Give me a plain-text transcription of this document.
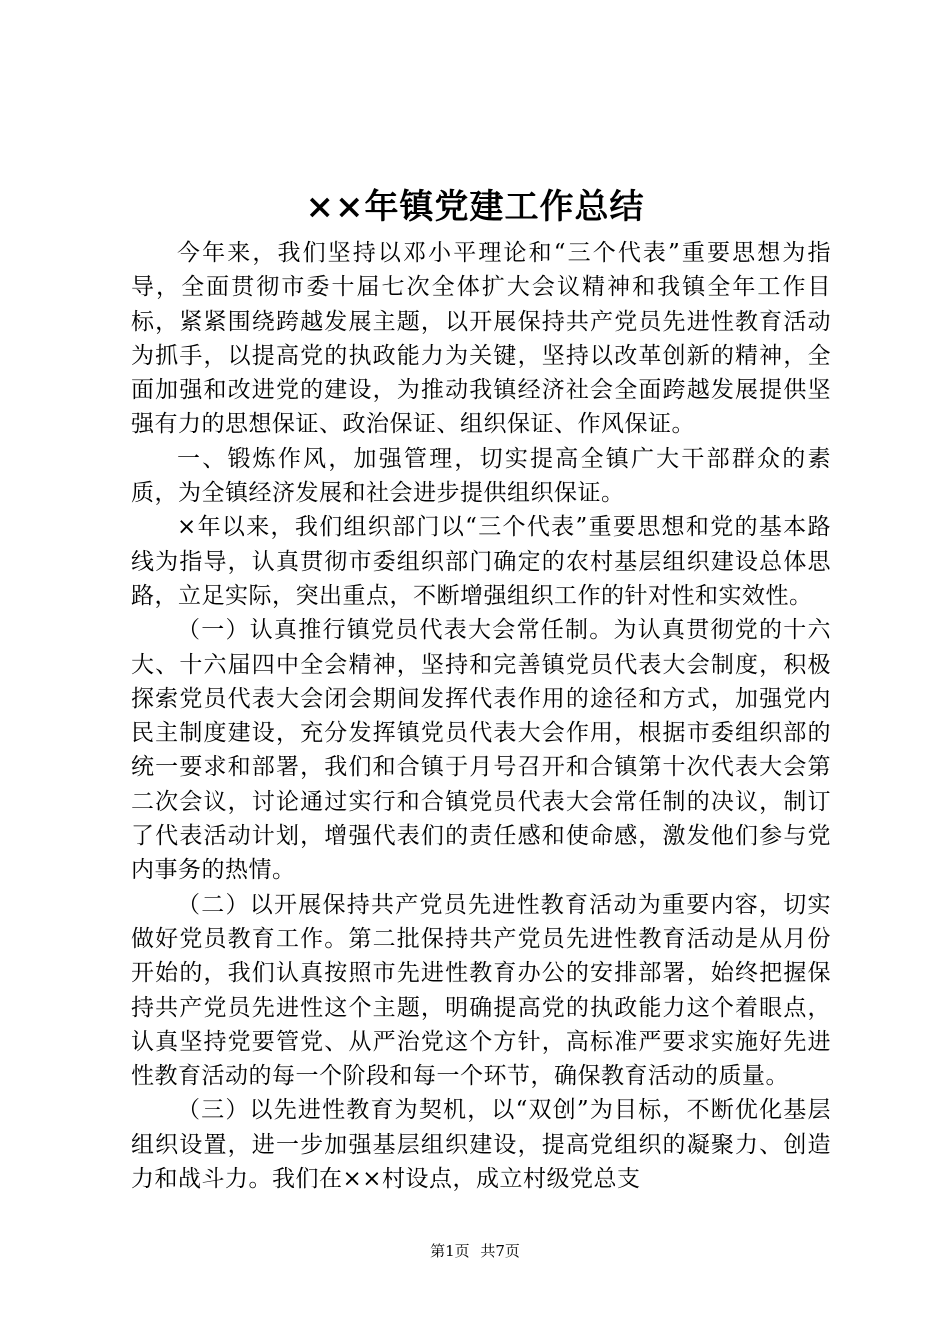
××年镇党建工作总结

今年来，我们坚持以邓小平理论和“三个代表”重要思想为指导，全面贯彻市委十届七次全体扩大会议精神和我镇全年工作目标，紧紧围绕跨越发展主题，以开展保持共产党员先进性教育活动为抓手，以提高党的执政能力为关键，坚持以改革创新的精神，全面加强和改进党的建设，为推动我镇经济社会全面跨越发展提供坚强有力的思想保证、政治保证、组织保证、作风保证。

一、锻炼作风，加强管理，切实提高全镇广大干部群众的素质，为全镇经济发展和社会进步提供组织保证。

×年以来，我们组织部门以“三个代表”重要思想和党的基本路线为指导，认真贯彻市委组织部门确定的农村基层组织建设总体思路，立足实际，突出重点，不断增强组织工作的针对性和实效性。

（一）认真推行镇党员代表大会常任制。为认真贯彻党的十六大、十六届四中全会精神，坚持和完善镇党员代表大会制度，积极探索党员代表大会闭会期间发挥代表作用的途径和方式，加强党内民主制度建设，充分发挥镇党员代表大会作用，根据市委组织部的统一要求和部署，我们和合镇于月号召开和合镇第十次代表大会第二次会议，讨论通过实行和合镇党员代表大会常任制的决议，制订了代表活动计划，增强代表们的责任感和使命感，激发他们参与党内事务的热情。

（二）以开展保持共产党员先进性教育活动为重要内容，切实做好党员教育工作。第二批保持共产党员先进性教育活动是从月份开始的，我们认真按照市先进性教育办公的安排部署，始终把握保持共产党员先进性这个主题，明确提高党的执政能力这个着眼点，认真坚持党要管党、从严治党这个方针，高标准严要求实施好先进性教育活动的每一个阶段和每一个环节，确保教育活动的质量。

（三）以先进性教育为契机，以“双创”为目标，不断优化基层组织设置，进一步加强基层组织建设，提高党组织的凝聚力、创造力和战斗力。我们在××村设点，成立村级党总支

第1页 共7页
